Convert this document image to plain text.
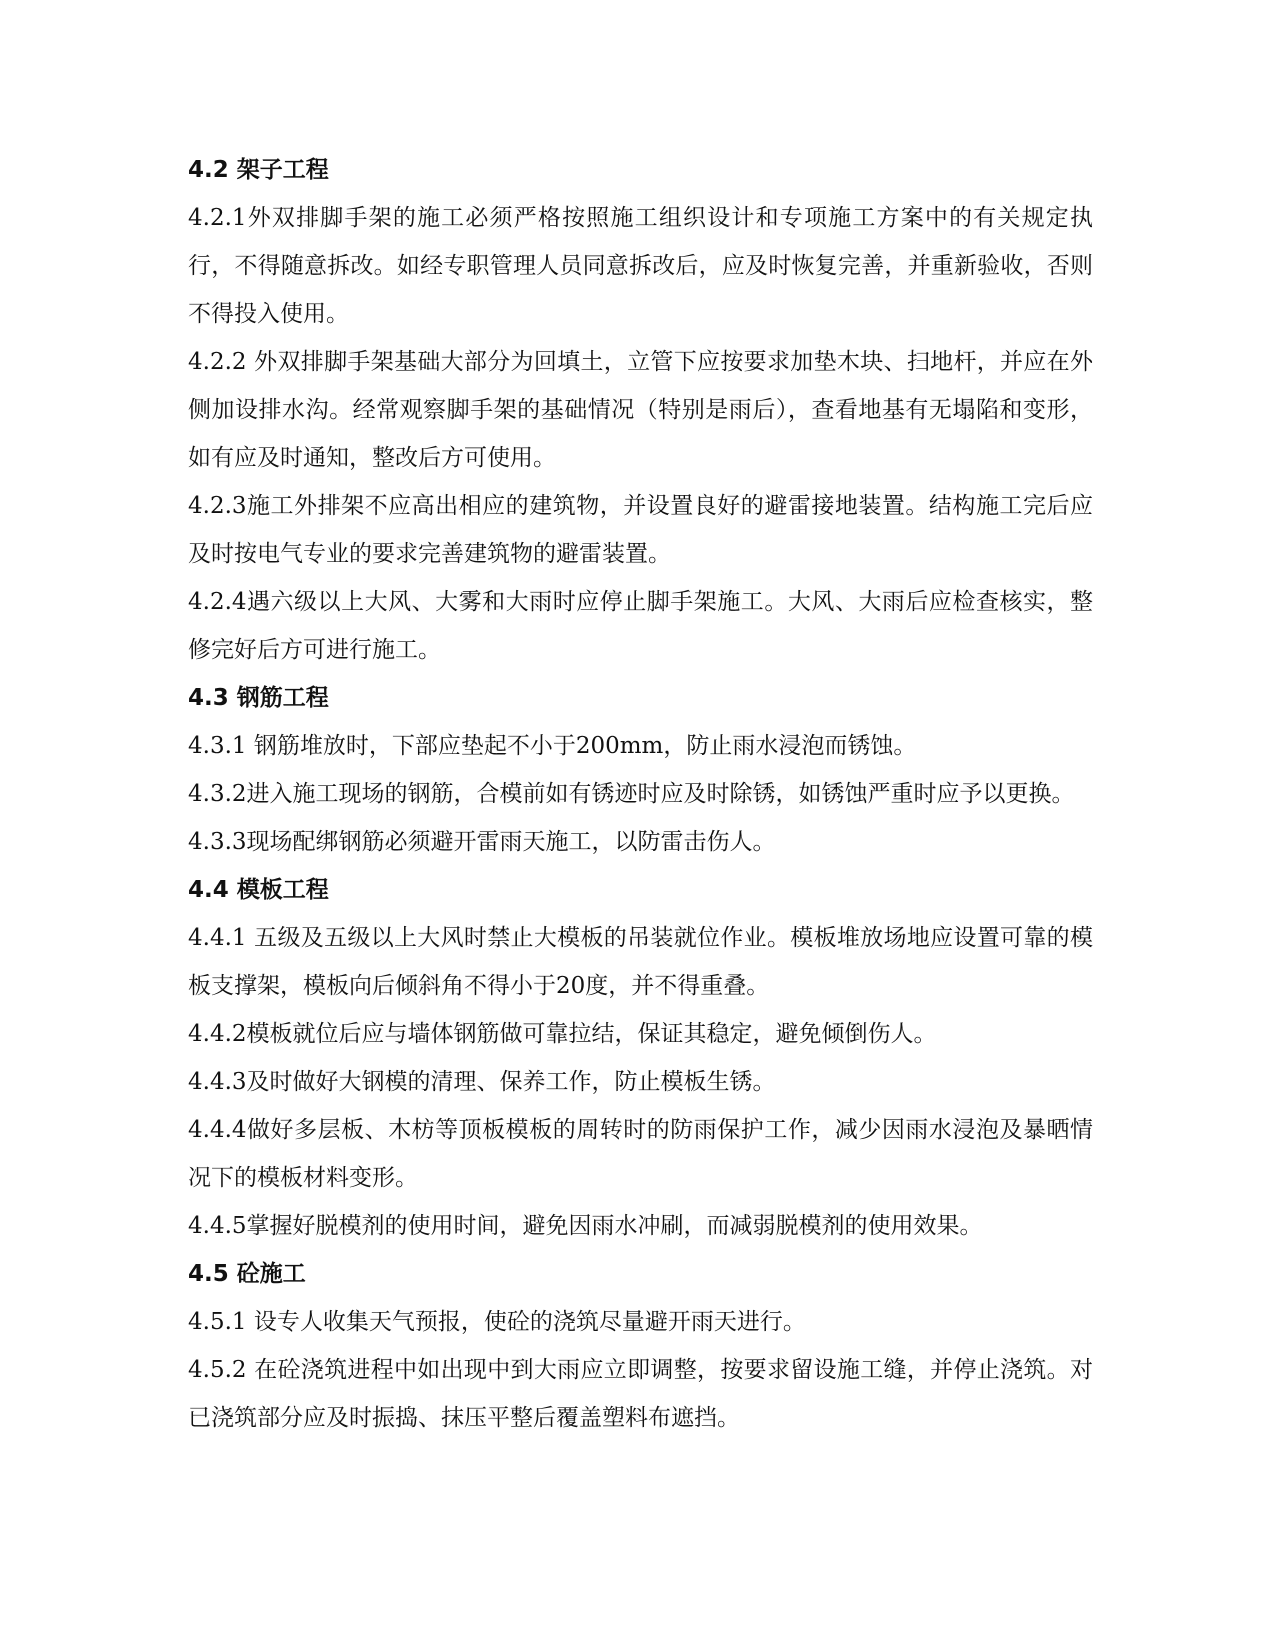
4.2 架子工程

4.2.1外双排脚手架的施工必须严格按照施工组织设计和专项施工方案中的有关规定执行，不得随意拆改。如经专职管理人员同意拆改后，应及时恢复完善，并重新验收，否则不得投入使用。

4.2.2 外双排脚手架基础大部分为回填土，立管下应按要求加垫木块、扫地杆，并应在外侧加设排水沟。经常观察脚手架的基础情况（特别是雨后），查看地基有无塌陷和变形，如有应及时通知，整改后方可使用。

4.2.3施工外排架不应高出相应的建筑物，并设置良好的避雷接地装置。结构施工完后应及时按电气专业的要求完善建筑物的避雷装置。

4.2.4遇六级以上大风、大雾和大雨时应停止脚手架施工。大风、大雨后应检查核实，整修完好后方可进行施工。

4.3 钢筋工程

4.3.1 钢筋堆放时，下部应垫起不小于200mm，防止雨水浸泡而锈蚀。

4.3.2进入施工现场的钢筋，合模前如有锈迹时应及时除锈，如锈蚀严重时应予以更换。

4.3.3现场配绑钢筋必须避开雷雨天施工，以防雷击伤人。

4.4 模板工程

4.4.1 五级及五级以上大风时禁止大模板的吊装就位作业。模板堆放场地应设置可靠的模板支撑架，模板向后倾斜角不得小于20度，并不得重叠。

4.4.2模板就位后应与墙体钢筋做可靠拉结，保证其稳定，避免倾倒伤人。

4.4.3及时做好大钢模的清理、保养工作，防止模板生锈。

4.4.4做好多层板、木枋等顶板模板的周转时的防雨保护工作，减少因雨水浸泡及暴晒情况下的模板材料变形。

4.4.5掌握好脱模剂的使用时间，避免因雨水冲刷，而减弱脱模剂的使用效果。

4.5 砼施工

4.5.1 设专人收集天气预报，使砼的浇筑尽量避开雨天进行。

4.5.2 在砼浇筑进程中如出现中到大雨应立即调整，按要求留设施工缝，并停止浇筑。对已浇筑部分应及时振捣、抹压平整后覆盖塑料布遮挡。
